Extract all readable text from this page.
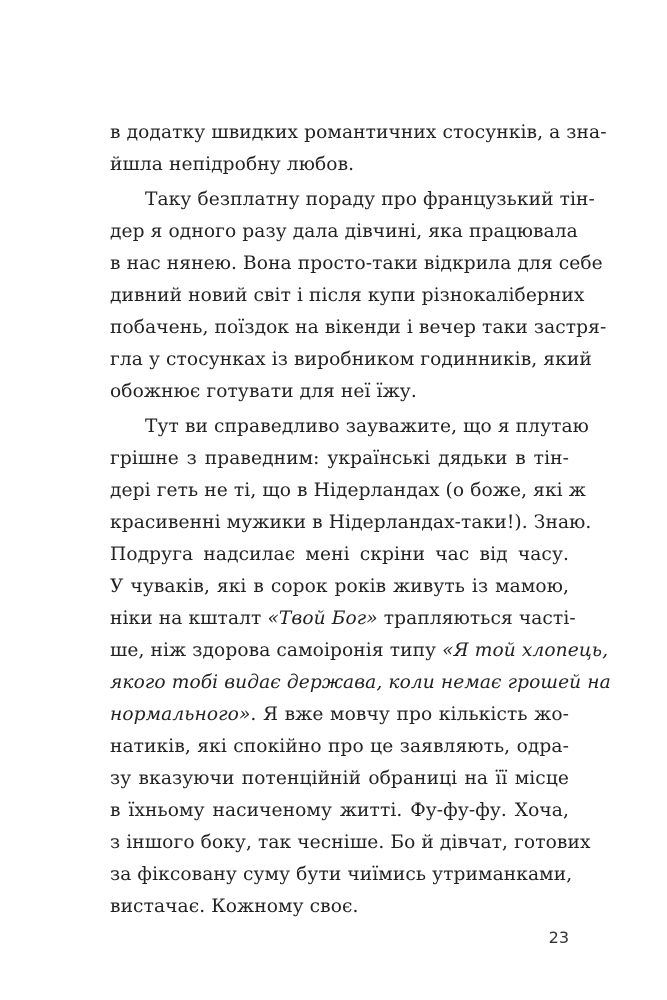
в додатку швидких романтичних стосунків, а зна-
йшла непідробну любов.
Таку безплатну пораду про французький тін-
дер я одного разу дала дівчині, яка працювала
в нас нянею. Вона просто-таки відкрила для себе
дивний новий світ і після купи різнокаліберних
побачень, поїздок на вікенди і вечер таки застря-
гла у стосунках із виробником годинників, який
обожнює готувати для неї їжу.
Тут ви справедливо зауважите, що я плутаю
грішне з праведним: українські дядьки в тін-
дері геть не ті, що в Нідерландах (о боже, які ж
красивенні мужики в Нідерландах-таки!). Знаю.
Подруга надсилає мені скріни час від часу.
У чуваків, які в сорок років живуть із мамою,
ніки на кшталт «Твой Бог» трапляються часті-
ше, ніж здорова самоіронія типу «Я той хлопець,
якого тобі видає держава, коли немає грошей на
нормального». Я вже мовчу про кількість жо-
натиків, які спокійно про це заявляють, одра-
зу вказуючи потенційній обраниці на її місце
в їхньому насиченому житті. Фу-фу-фу. Хоча,
з іншого боку, так чесніше. Бо й дівчат, готових
за фіксовану суму бути чиїмись утриманками,
вистачає. Кожному своє.
23
